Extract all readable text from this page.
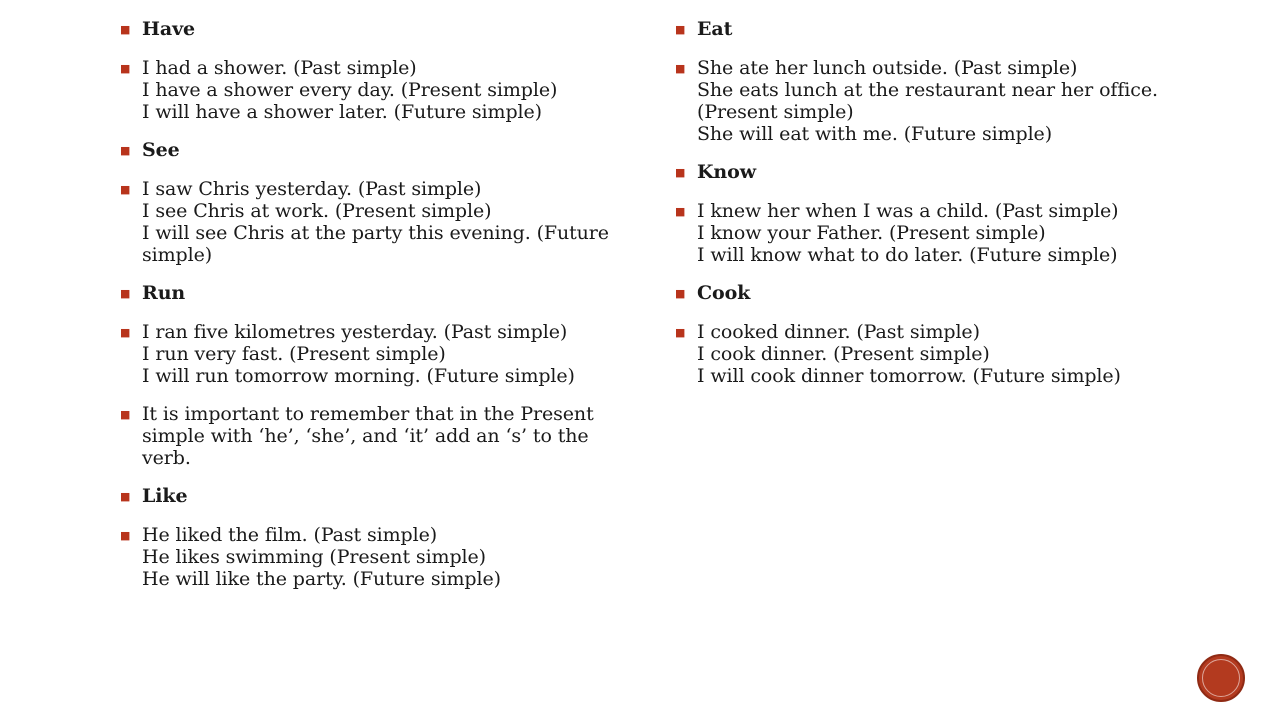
■ Have
■ I had a shower. (Past simple)
I have a shower every day. (Present simple)
I will have a shower later. (Future simple)
■ See
■ I saw Chris yesterday. (Past simple)
I see Chris at work. (Present simple)
I will see Chris at the party this evening. (Future simple)
■ Run
■ I ran five kilometres yesterday. (Past simple)
I run very fast. (Present simple)
I will run tomorrow morning. (Future simple)
■ It is important to remember that in the Present simple with ‘he’, ‘she’, and ‘it’ add an ‘s’ to the verb.
■ Like
■ He liked the film. (Past simple)
He likes swimming (Present simple)
He will like the party. (Future simple)
■ Eat
■ She ate her lunch outside. (Past simple)
She eats lunch at the restaurant near her office. (Present simple)
She will eat with me. (Future simple)
■ Know
■ I knew her when I was a child. (Past simple)
I know your Father. (Present simple)
I will know what to do later. (Future simple)
■ Cook
■ I cooked dinner. (Past simple)
I cook dinner. (Present simple)
I will cook dinner tomorrow. (Future simple)
